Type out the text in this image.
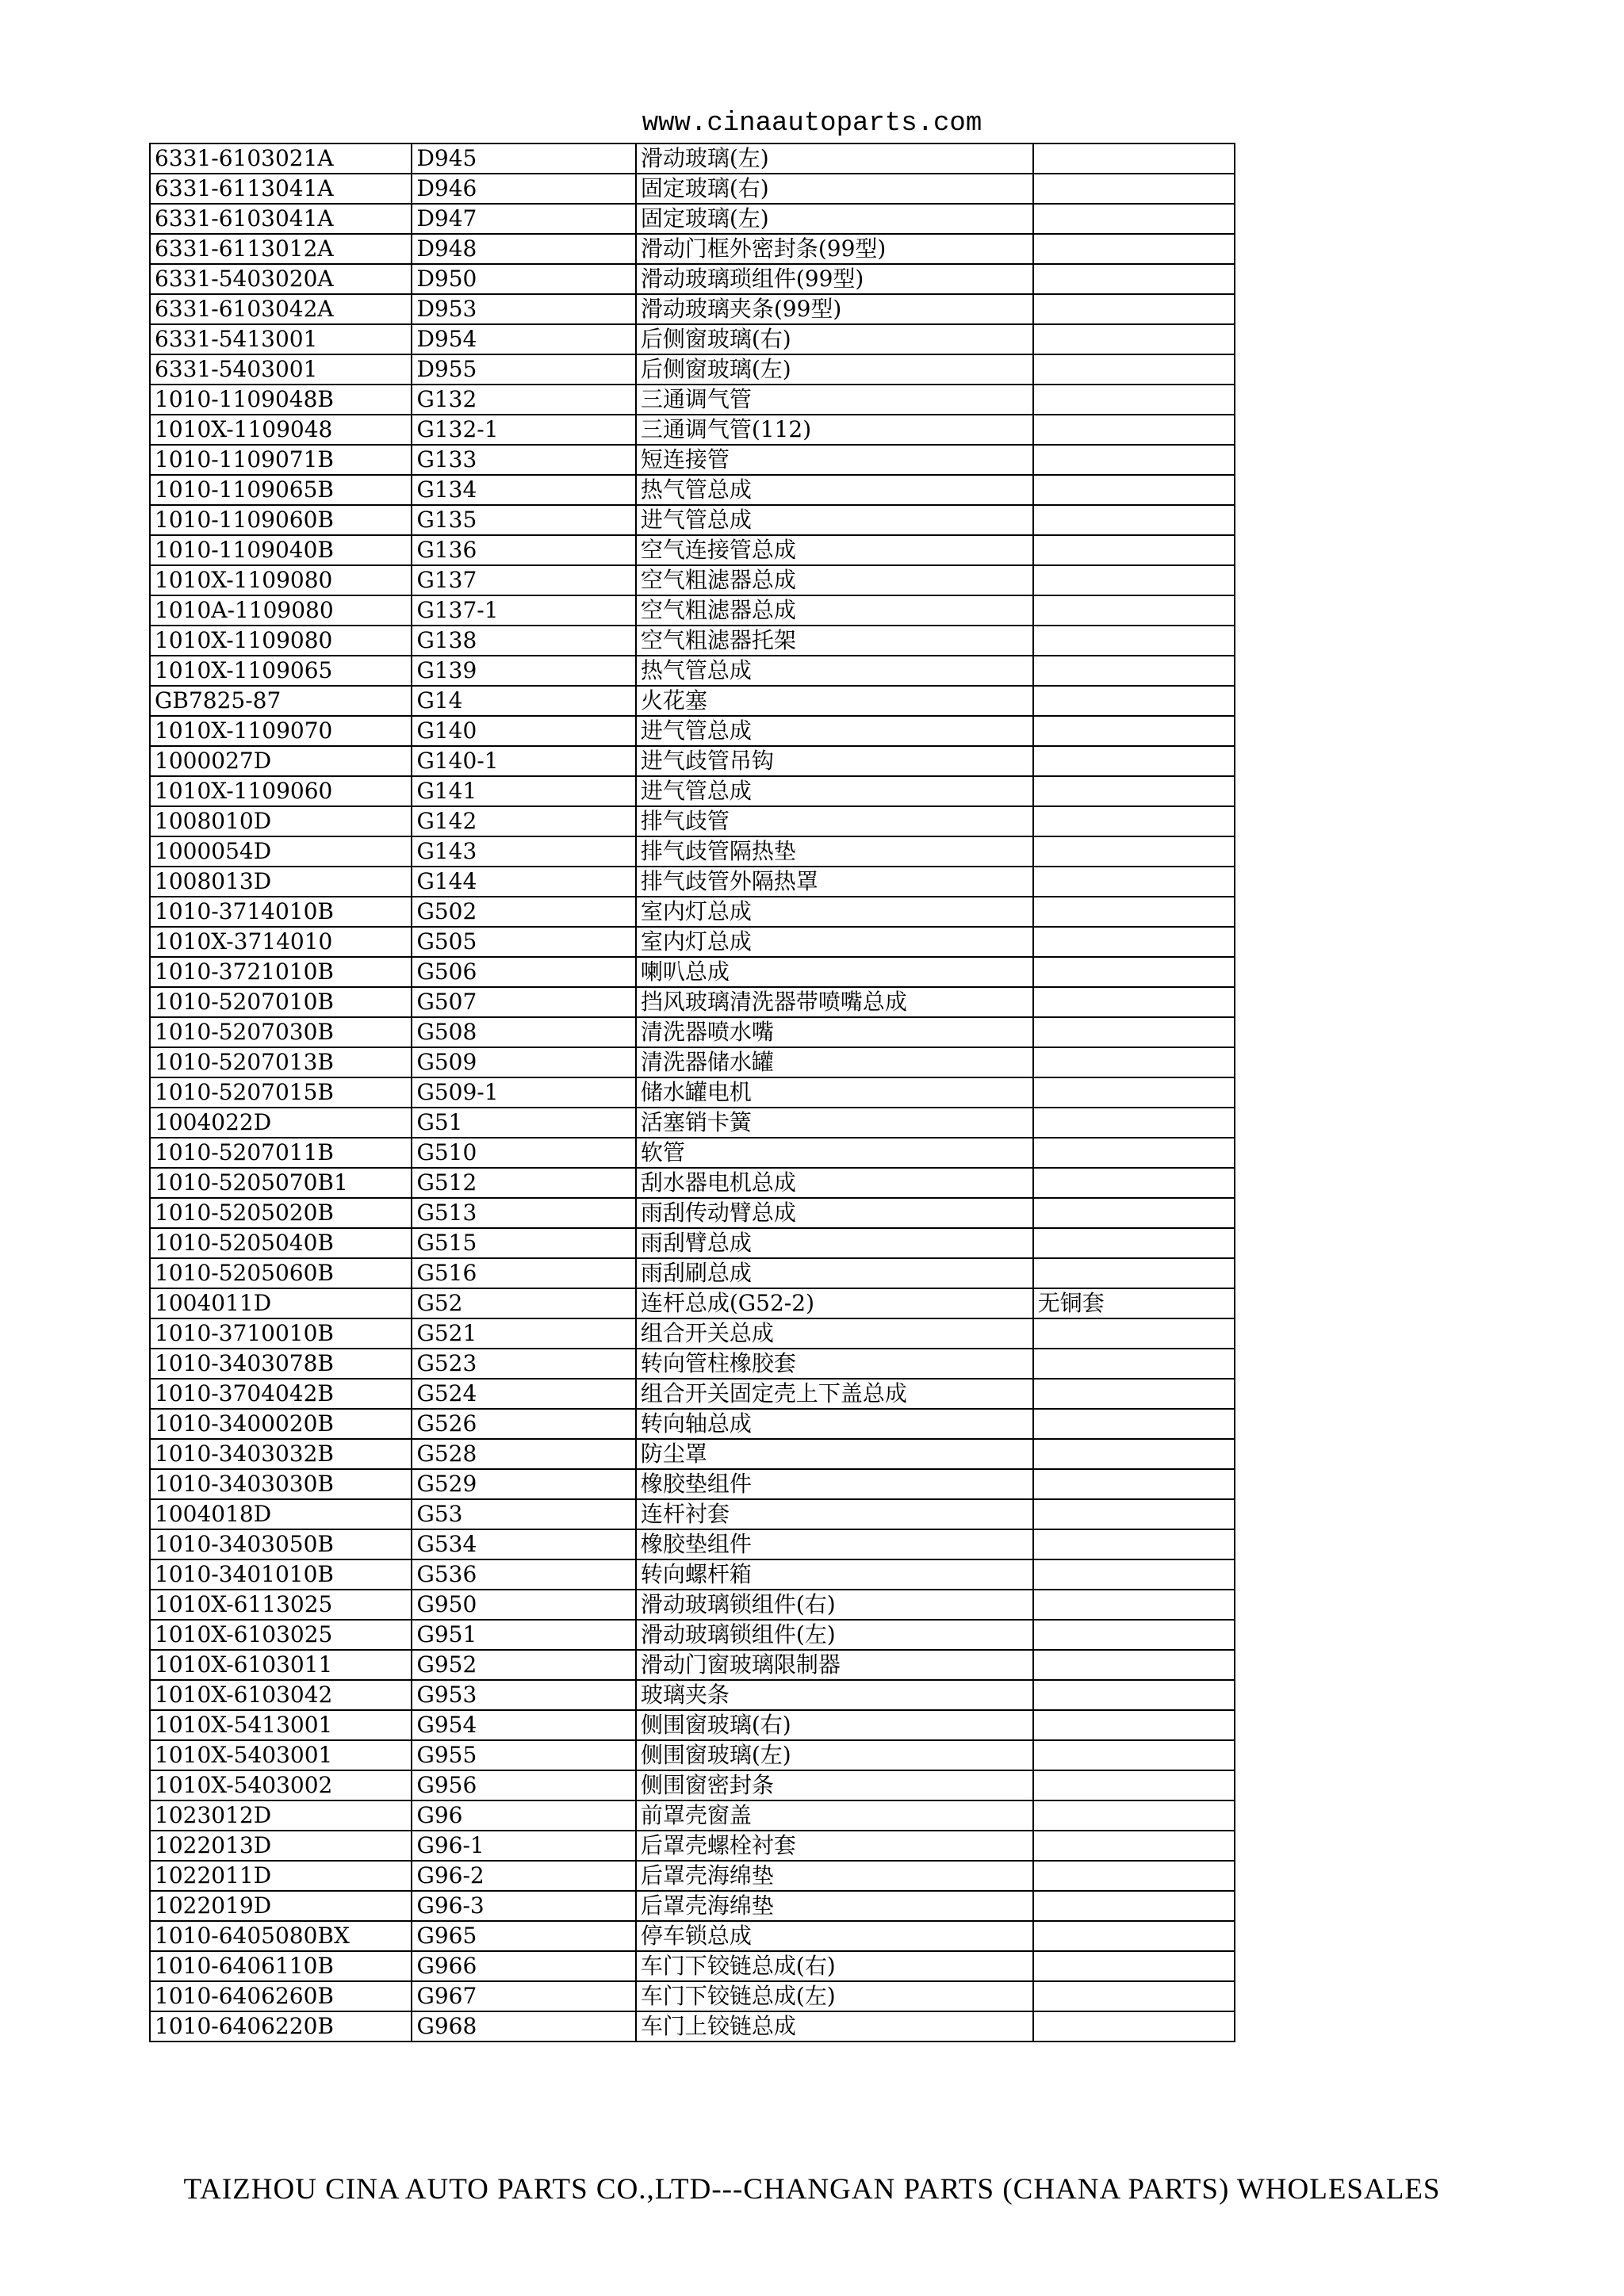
www.cinaautoparts.com
6331-6103021A	D945	滑动玻璃(左)	
6331-6113041A	D946	固定玻璃(右)	
6331-6103041A	D947	固定玻璃(左)	
6331-6113012A	D948	滑动门框外密封条(99型)	
6331-5403020A	D950	滑动玻璃琐组件(99型)	
6331-6103042A	D953	滑动玻璃夹条(99型)	
6331-5413001	D954	后侧窗玻璃(右)	
6331-5403001	D955	后侧窗玻璃(左)	
1010-1109048B	G132	三通调气管	
1010X-1109048	G132-1	三通调气管(112)	
1010-1109071B	G133	短连接管	
1010-1109065B	G134	热气管总成	
1010-1109060B	G135	进气管总成	
1010-1109040B	G136	空气连接管总成	
1010X-1109080	G137	空气粗滤器总成	
1010A-1109080	G137-1	空气粗滤器总成	
1010X-1109080	G138	空气粗滤器托架	
1010X-1109065	G139	热气管总成	
GB7825-87	G14	火花塞	
1010X-1109070	G140	进气管总成	
1000027D	G140-1	进气歧管吊钩	
1010X-1109060	G141	进气管总成	
1008010D	G142	排气歧管	
1000054D	G143	排气歧管隔热垫	
1008013D	G144	排气歧管外隔热罩	
1010-3714010B	G502	室内灯总成	
1010X-3714010	G505	室内灯总成	
1010-3721010B	G506	喇叭总成	
1010-5207010B	G507	挡风玻璃清洗器带喷嘴总成	
1010-5207030B	G508	清洗器喷水嘴	
1010-5207013B	G509	清洗器储水罐	
1010-5207015B	G509-1	储水罐电机	
1004022D	G51	活塞销卡簧	
1010-5207011B	G510	软管	
1010-5205070B1	G512	刮水器电机总成	
1010-5205020B	G513	雨刮传动臂总成	
1010-5205040B	G515	雨刮臂总成	
1010-5205060B	G516	雨刮刷总成	
1004011D	G52	连杆总成(G52-2)	无铜套
1010-3710010B	G521	组合开关总成	
1010-3403078B	G523	转向管柱橡胶套	
1010-3704042B	G524	组合开关固定壳上下盖总成	
1010-3400020B	G526	转向轴总成	
1010-3403032B	G528	防尘罩	
1010-3403030B	G529	橡胶垫组件	
1004018D	G53	连杆衬套	
1010-3403050B	G534	橡胶垫组件	
1010-3401010B	G536	转向螺杆箱	
1010X-6113025	G950	滑动玻璃锁组件(右)	
1010X-6103025	G951	滑动玻璃锁组件(左)	
1010X-6103011	G952	滑动门窗玻璃限制器	
1010X-6103042	G953	玻璃夹条	
1010X-5413001	G954	侧围窗玻璃(右)	
1010X-5403001	G955	侧围窗玻璃(左)	
1010X-5403002	G956	侧围窗密封条	
1023012D	G96	前罩壳窗盖	
1022013D	G96-1	后罩壳螺栓衬套	
1022011D	G96-2	后罩壳海绵垫	
1022019D	G96-3	后罩壳海绵垫	
1010-6405080BX	G965	停车锁总成	
1010-6406110B	G966	车门下铰链总成(右)	
1010-6406260B	G967	车门下铰链总成(左)	
1010-6406220B	G968	车门上铰链总成	
TAIZHOU CINA AUTO PARTS CO.,LTD---CHANGAN PARTS (CHANA PARTS) WHOLESALES
